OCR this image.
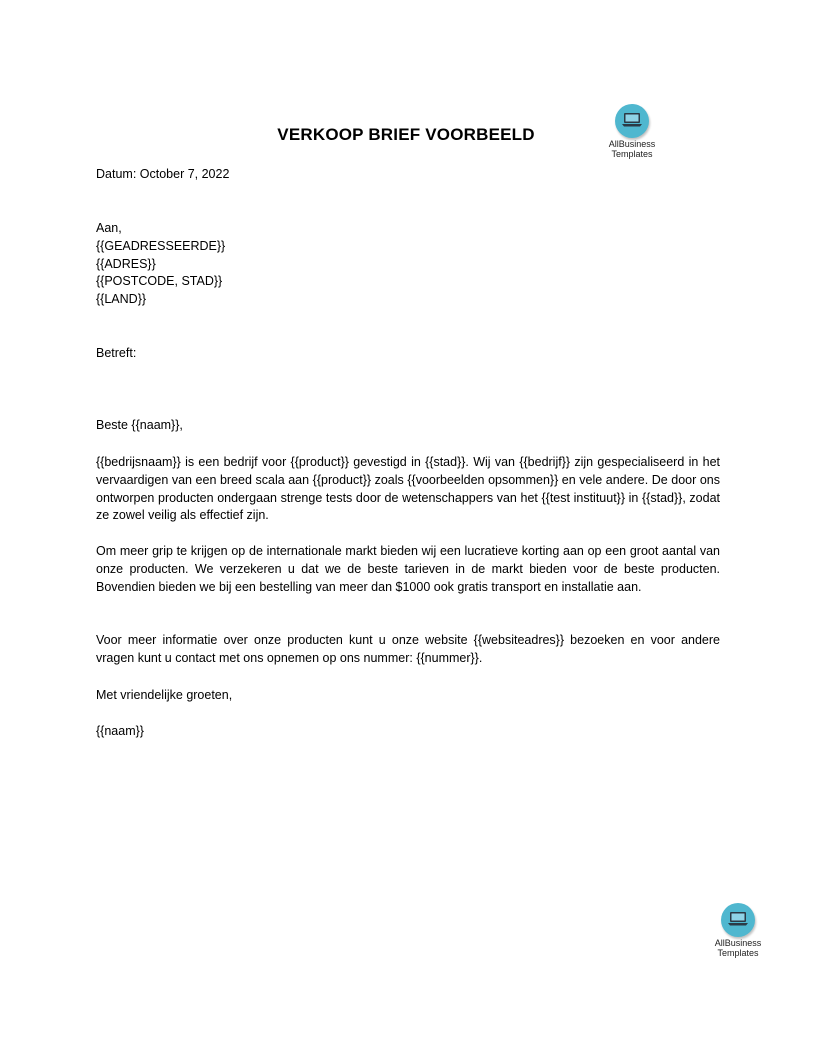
AllBusiness
Templates
VERKOOP BRIEF VOORBEELD
Datum: October 7, 2022
Aan,
{{GEADRESSEERDE}}
{{ADRES}}
{{POSTCODE, STAD}}
{{LAND}}
Betreft:
Beste {{naam}},
{{bedrijsnaam}} is een bedrijf voor {{product}} gevestigd in {{stad}}. Wij van {{bedrijf}} zijn gespecialiseerd in het vervaardigen van een breed scala aan {{product}} zoals {{voorbeelden opsommen}} en vele andere. De door ons ontworpen producten ondergaan strenge tests door de wetenschappers van het {{test instituut}} in {{stad}}, zodat ze zowel veilig als effectief zijn.
Om meer grip te krijgen op de internationale markt bieden wij een lucratieve korting aan op een groot aantal van onze producten. We verzekeren u dat we de beste tarieven in de markt bieden voor de beste producten. Bovendien bieden we bij een bestelling van meer dan $1000 ook gratis transport en installatie aan.
Voor meer informatie over onze producten kunt u onze website {{websiteadres}} bezoeken en voor andere vragen kunt u contact met ons opnemen op ons nummer: {{nummer}}.
Met vriendelijke groeten,
{{naam}}
AllBusiness
Templates
